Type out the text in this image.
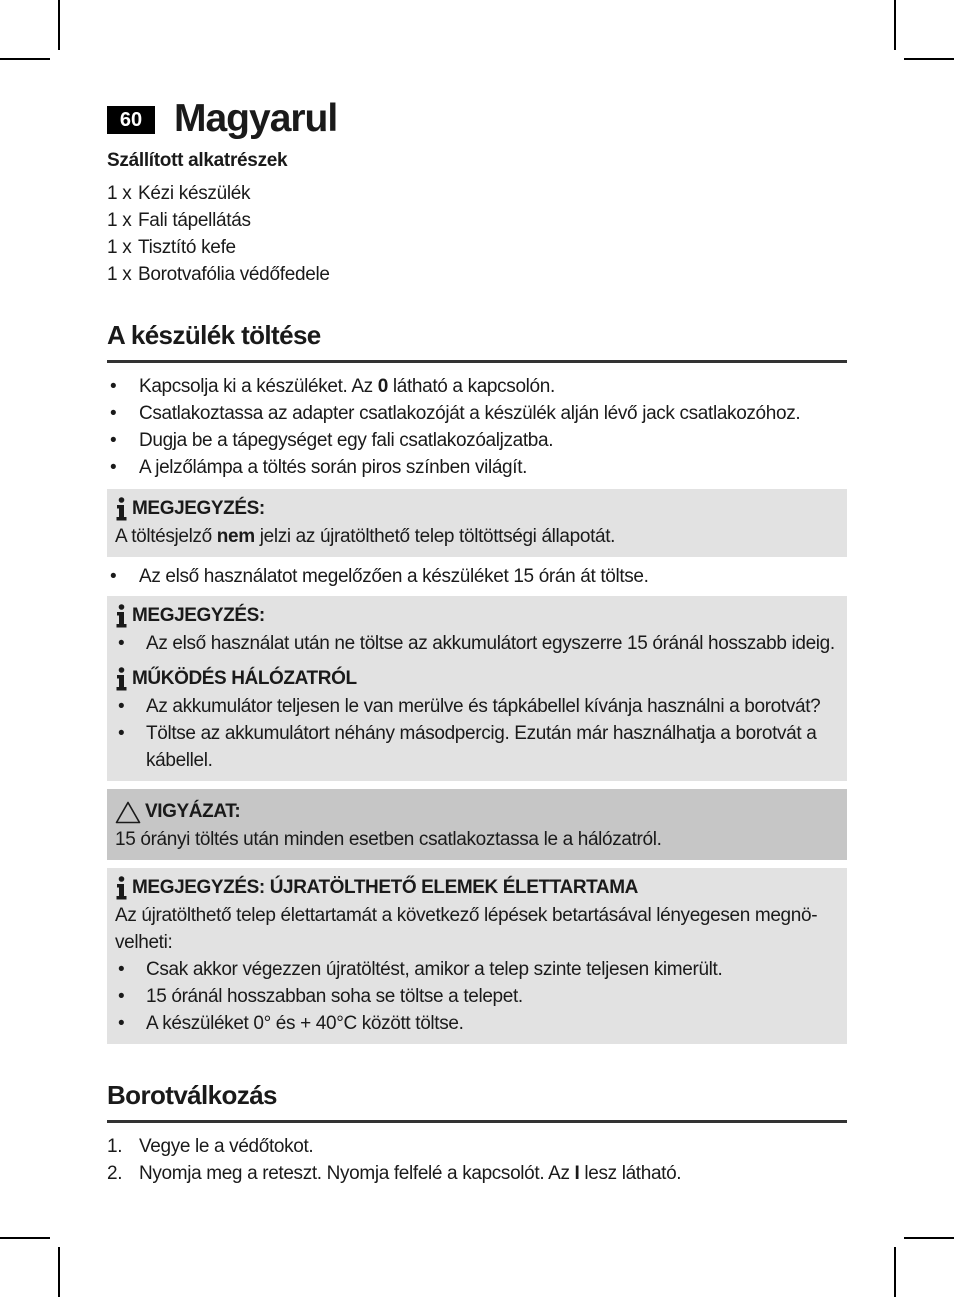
60 Magyarul
Szállított alkatrészek
1 x Kézi készülék
1 x Fali tápellátás
1 x Tisztító kefe
1 x Borotvafólia védőfedele
A készülék töltése
•	Kapcsolja ki a készüléket. Az 0 látható a kapcsolón.
•	Csatlakoztassa az adapter csatlakozóját a készülék alján lévő jack csatlakozóhoz.
•	Dugja be a tápegységet egy fali csatlakozóaljzatba.
•	A jelzőlámpa a töltés során piros színben világít.
MEGJEGYZÉS:

A töltésjelző nem jelzi az újratölthető telep töltöttségi állapotát.

•	Az első használatot megelőzően a készüléket 15 órán át töltse.
MEGJEGYZÉS:
•	Az első használat után ne töltse az akkumulátort egyszerre 15 óránál hosszabb ideig.
MŰKÖDÉS HÁLÓZATRÓL
•	Az akkumulátor teljesen le van merülve és tápkábellel kívánja használni a borotvát?
•	Töltse az akkumulátort néhány másodpercig. Ezután már használhatja a borotvát a kábellel.
VIGYÁZAT:

15 órányi töltés után minden esetben csatlakoztassa le a hálózatról.

MEGJEGYZÉS: ÚJRATÖLTHETŐ ELEMEK ÉLETTARTAMA

Az újratölthető telep élettartamát a következő lépések betartásával lényegesen megnö-velheti:

•	Csak akkor végezzen újratöltést, amikor a telep szinte teljesen kimerült.
•	15 óránál hosszabban soha se töltse a telepet.
•	A készüléket 0° és + 40°C között töltse.
Borotválkozás
1. Vegye le a védőtokot.
2. Nyomja meg a reteszt. Nyomja felfelé a kapcsolót. Az I lesz látható.
